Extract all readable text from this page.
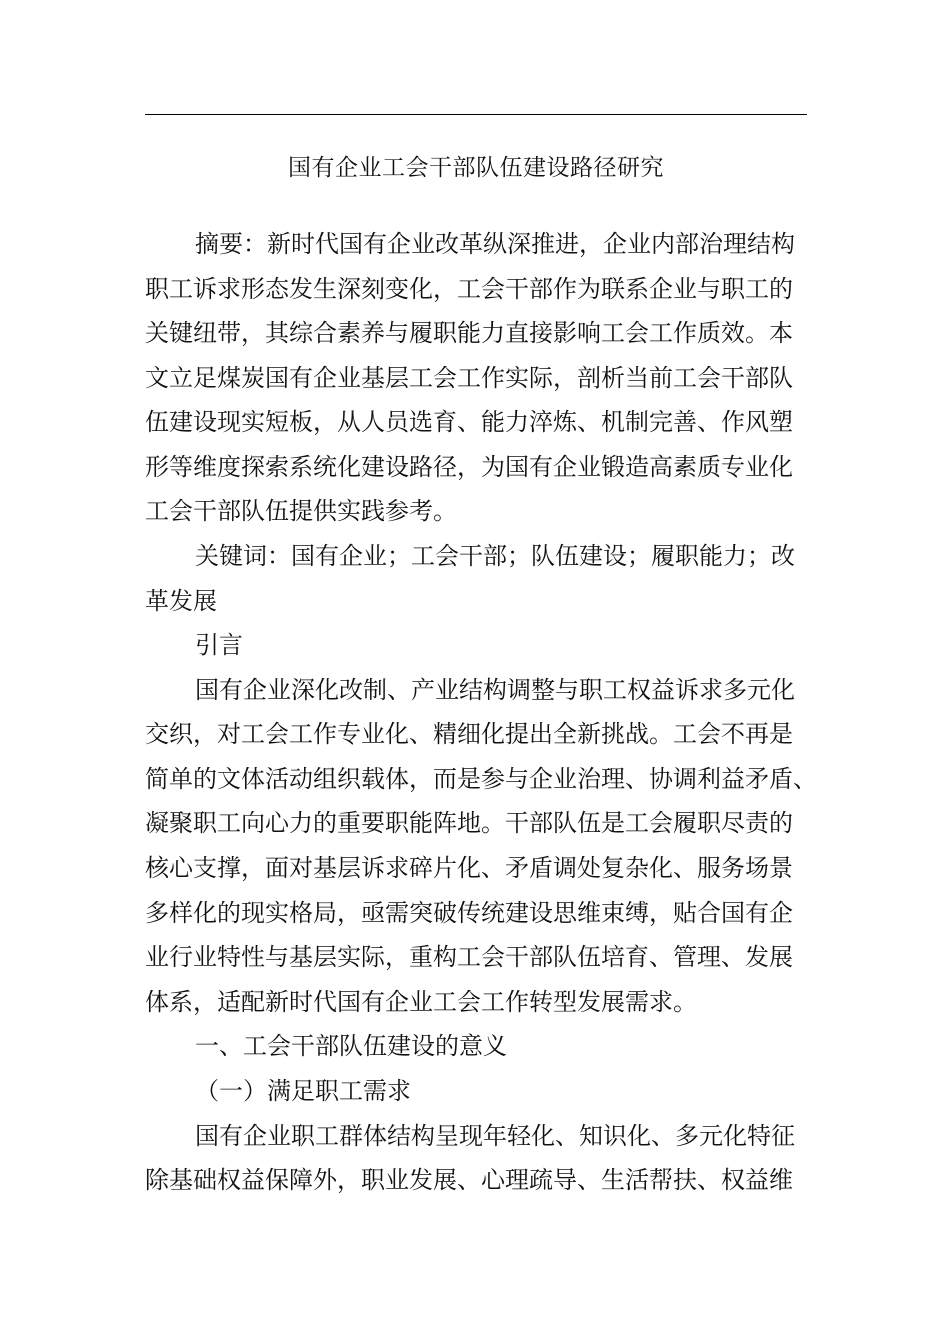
国有企业工会干部队伍建设路径研究
摘要：新时代国有企业改革纵深推进，企业内部治理结构
职工诉求形态发生深刻变化，工会干部作为联系企业与职工的
关键纽带，其综合素养与履职能力直接影响工会工作质效。本
文立足煤炭国有企业基层工会工作实际，剖析当前工会干部队
伍建设现实短板，从人员选育、能力淬炼、机制完善、作风塑
形等维度探索系统化建设路径，为国有企业锻造高素质专业化
工会干部队伍提供实践参考。
关键词：国有企业；工会干部；队伍建设；履职能力；改
革发展
引言
国有企业深化改制、产业结构调整与职工权益诉求多元化
交织，对工会工作专业化、精细化提出全新挑战。工会不再是
简单的文体活动组织载体，而是参与企业治理、协调利益矛盾、
凝聚职工向心力的重要职能阵地。干部队伍是工会履职尽责的
核心支撑，面对基层诉求碎片化、矛盾调处复杂化、服务场景
多样化的现实格局，亟需突破传统建设思维束缚，贴合国有企
业行业特性与基层实际，重构工会干部队伍培育、管理、发展
体系，适配新时代国有企业工会工作转型发展需求。
一、工会干部队伍建设的意义
（一）满足职工需求
国有企业职工群体结构呈现年轻化、知识化、多元化特征
除基础权益保障外，职业发展、心理疏导、生活帮扶、权益维
